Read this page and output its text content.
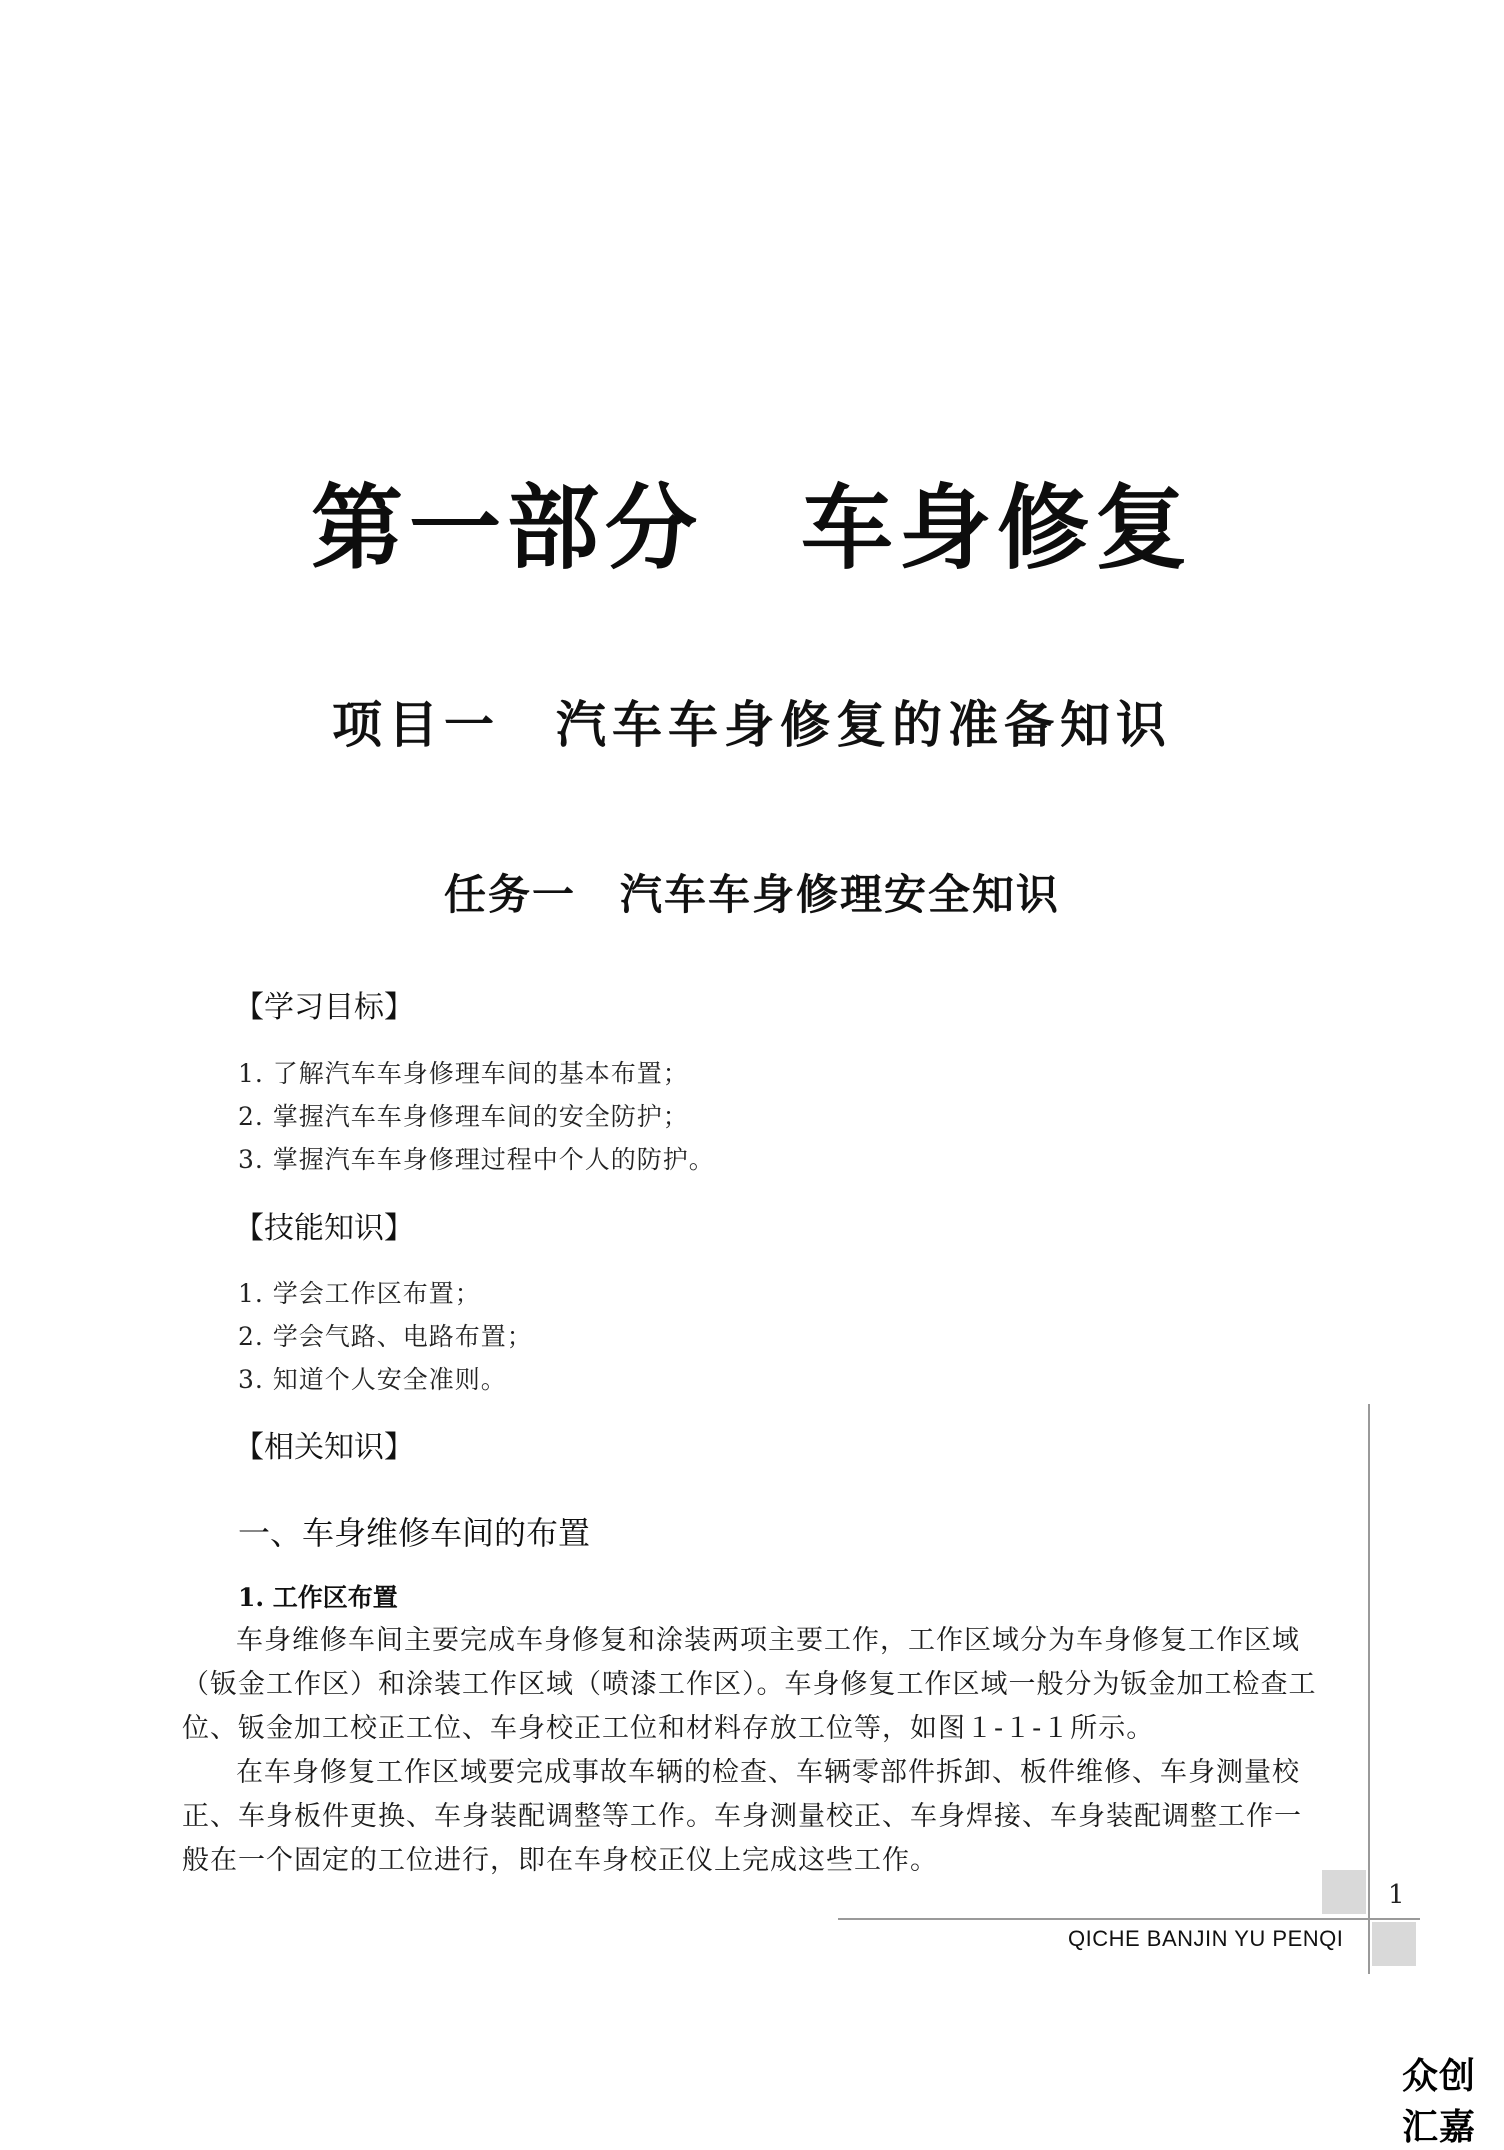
第一部分　车身修复
项目一　汽车车身修复的准备知识
任务一　汽车车身修理安全知识
【学习目标】
1. 了解汽车车身修理车间的基本布置；
2. 掌握汽车车身修理车间的安全防护；
3. 掌握汽车车身修理过程中个人的防护。
【技能知识】
1. 学会工作区布置；
2. 学会气路、电路布置；
3. 知道个人安全准则。
【相关知识】
一、车身维修车间的布置
1. 工作区布置
车身维修车间主要完成车身修复和涂装两项主要工作，工作区域分为车身修复工作区域（钣金工作区）和涂装工作区域（喷漆工作区）。车身修复工作区域一般分为钣金加工检查工位、钣金加工校正工位、车身校正工位和材料存放工位等，如图１-１-１所示。
在车身修复工作区域要完成事故车辆的检查、车辆零部件拆卸、板件维修、车身测量校正、车身板件更换、车身装配调整等工作。车身测量校正、车身焊接、车身装配调整工作一般在一个固定的工位进行，即在车身校正仪上完成这些工作。
1
QICHE BANJIN YU PENQI
众创汇嘉
